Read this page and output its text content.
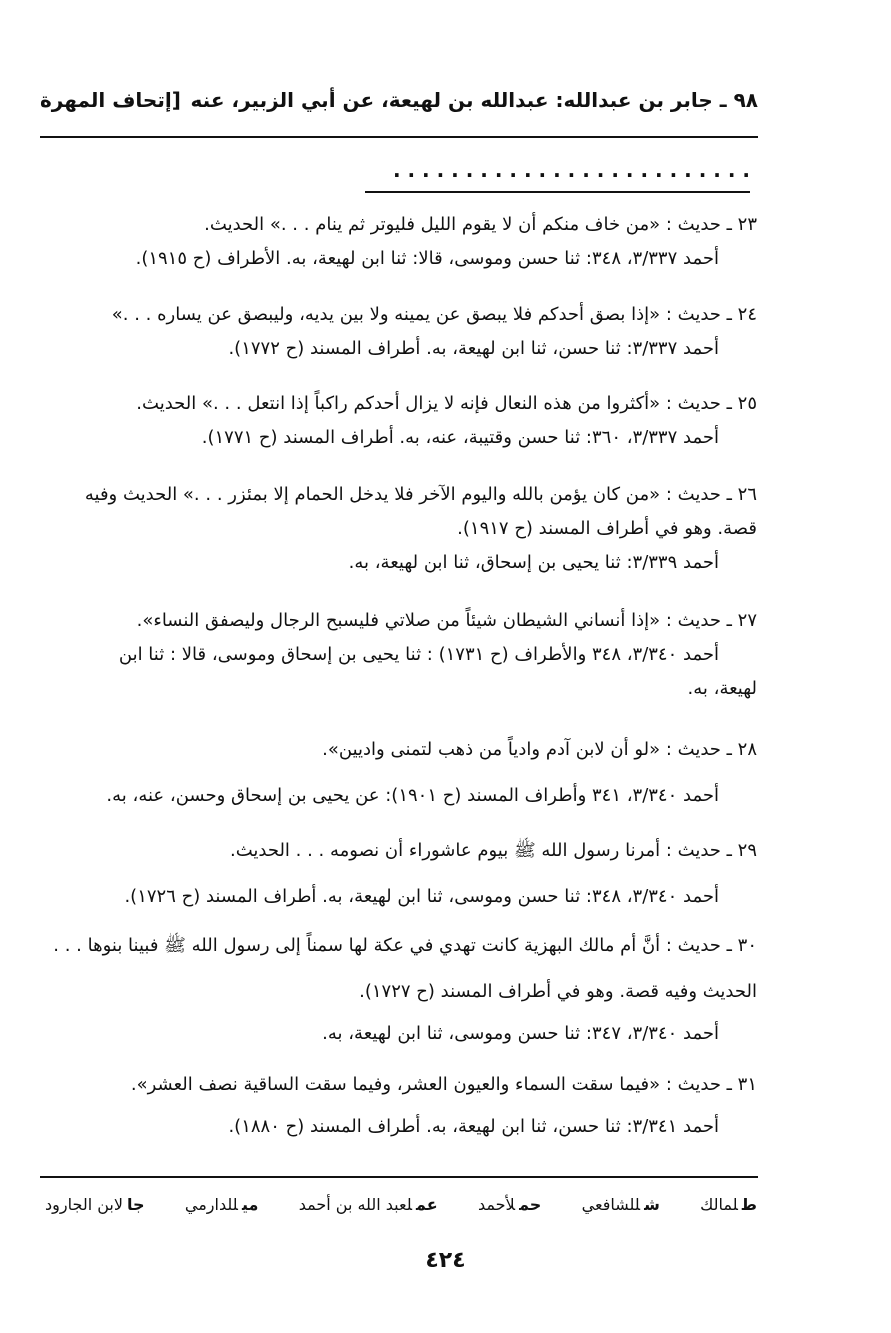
٩٨ ـ جابر بن عبدالله: عبدالله بن لهيعة، عن أبي الزبير، عنه
[إتحاف المهرة
. . . . . . . . . . . . . . . . . . . . . . . . .
٢٣ ـ حديث : «من خاف منكم أن لا يقوم الليل فليوتر ثم ينام . . .» الحديث.
أحمد ٣/٣٣٧، ٣٤٨: ثنا حسن وموسى، قالا: ثنا ابن لهيعة، به. الأطراف (ح ١٩١٥).
٢٤ ـ حديث : «إذا بصق أحدكم فلا يبصق عن يمينه ولا بين يديه، وليبصق عن يساره . . .»
أحمد ٣/٣٣٧: ثنا حسن، ثنا ابن لهيعة، به. أطراف المسند (ح ١٧٧٢).
٢٥ ـ حديث : «أكثروا من هذه النعال فإنه لا يزال أحدكم راكباً إذا انتعل . . .» الحديث.
أحمد ٣/٣٣٧، ٣٦٠: ثنا حسن وقتيبة، عنه، به. أطراف المسند (ح ١٧٧١).
٢٦ ـ حديث : «من كان يؤمن بالله واليوم الآخر فلا يدخل الحمام إلا بمئزر . . .» الحديث وفيه
قصة. وهو في أطراف المسند (ح ١٩١٧).
أحمد ٣/٣٣٩: ثنا يحيى بن إسحاق، ثنا ابن لهيعة، به.
٢٧ ـ حديث : «إذا أنساني الشيطان شيئاً من صلاتي فليسبح الرجال وليصفق النساء».
أحمد ٣/٣٤٠، ٣٤٨ والأطراف (ح ١٧٣١) : ثنا يحيى بن إسحاق وموسى، قالا : ثنا ابن
لهيعة، به.
٢٨ ـ حديث : «لو أن لابن آدم وادياً من ذهب لتمنى واديين».
أحمد ٣/٣٤٠، ٣٤١ وأطراف المسند (ح ١٩٠١): عن يحيى بن إسحاق وحسن، عنه، به.
٢٩ ـ حديث : أمرنا رسول الله ﷺ بيوم عاشوراء أن نصومه . . . الحديث.
أحمد ٣/٣٤٠، ٣٤٨: ثنا حسن وموسى، ثنا ابن لهيعة، به. أطراف المسند (ح ١٧٢٦).
٣٠ ـ حديث : أنَّ أم مالك البهزية كانت تهدي في عكة لها سمناً إلى رسول الله ﷺ فبينا بنوها . . .
الحديث وفيه قصة. وهو في أطراف المسند (ح ١٧٢٧).
أحمد ٣/٣٤٠، ٣٤٧: ثنا حسن وموسى، ثنا ابن لهيعة، به.
٣١ ـ حديث : «فيما سقت السماء والعيون العشر، وفيما سقت الساقية نصف العشر».
أحمد ٣/٣٤١: ثنا حسن، ثنا ابن لهيعة، به. أطراف المسند (ح ١٨٨٠).
طلمالك
شللشافعي
حملأحمد
عملعبد الله بن أحمد
ميللدارمي
جالابن الجارود
٤٢٤
